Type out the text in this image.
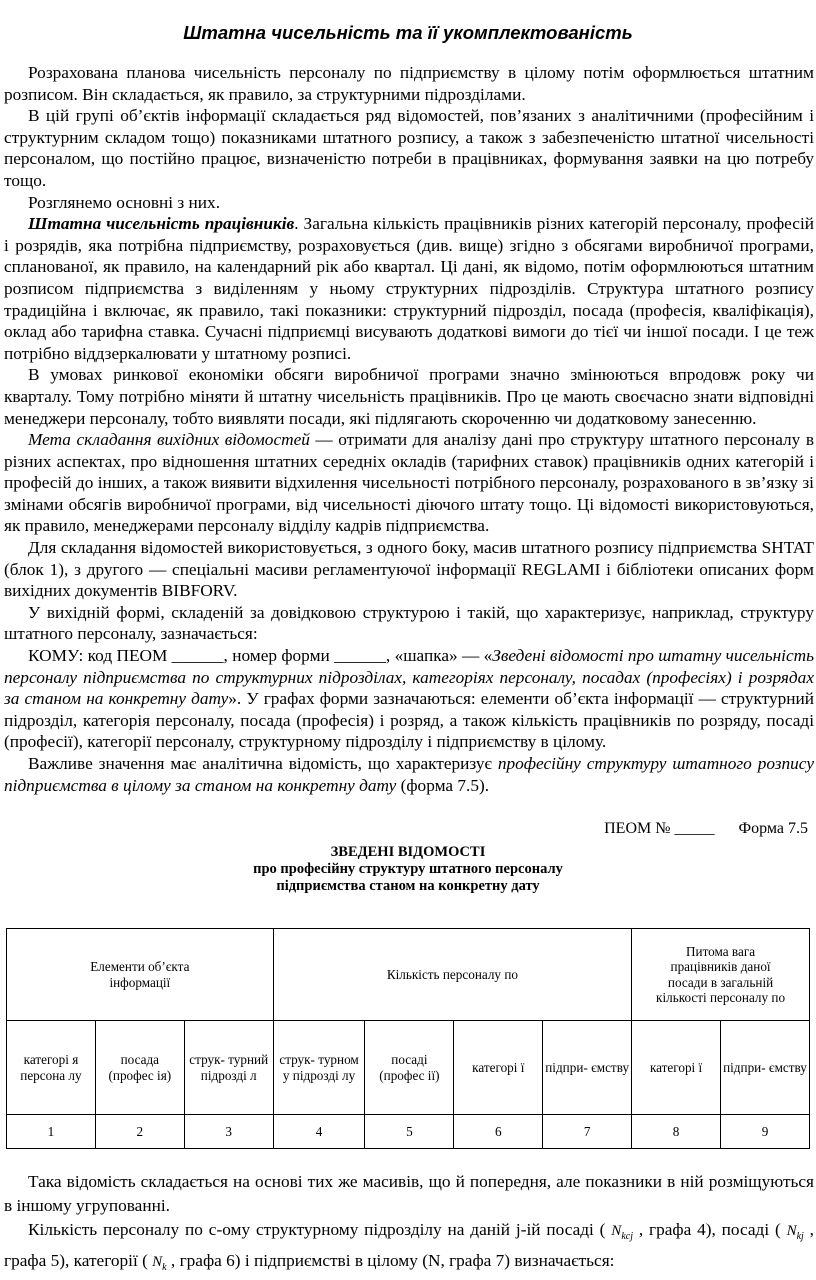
Штатна чисельність та її укомплектованість

Розрахована планова чисельність персоналу по підприємству в цілому потім оформлюється штатним розписом. Він складається, як правило, за структурними підрозділами.

В цій групі об’єктів інформації складається ряд відомостей, пов’язаних з аналітичними (професійним і структурним складом тощо) показниками штатного розпису, а також з забезпеченістю штатної чисельності персоналом, що постійно працює, визначеністю потреби в працівниках, формування заявки на цю потребу тощо.

Розглянемо основні з них.

Штатна чисельність працівників. Загальна кількість працівників різних категорій персоналу, професій і розрядів, яка потрібна підприємству, розраховується (див. вище) згідно з обсягами виробничої програми, спланованої, як правило, на календарний рік або квартал. Ці дані, як відомо, потім оформлюються штатним розписом підприємства з виділенням у ньому структурних підрозділів. Структура штатного розпису традиційна і включає, як правило, такі показники: структурний підрозділ, посада (професія, кваліфікація), оклад або тарифна ставка. Сучасні підприємці висувають додаткові вимоги до тієї чи іншої посади. І це теж потрібно віддзеркалювати у штатному розписі.

В умовах ринкової економіки обсяги виробничої програми значно змінюються впродовж року чи кварталу. Тому потрібно міняти й штатну чисельність працівників. Про це мають своєчасно знати відповідні менеджери персоналу, тобто виявляти посади, які підлягають скороченню чи додатковому занесенню.

Мета складання вихідних відомостей — отримати для аналізу дані про структуру штатного персоналу в різних аспектах, про відношення штатних середніх окладів (тарифних ставок) працівників одних категорій і професій до інших, а також виявити відхилення чисельності потрібного персоналу, розрахованого в зв’язку зі змінами обсягів виробничої програми, від чисельності діючого штату тощо. Ці відомості використовуються, як правило, менеджерами персоналу відділу кадрів підприємства.

Для складання відомостей використовується, з одного боку, масив штатного розпису підприємства SHTAT (блок 1), з другого — спеціальні масиви регламентуючої інформації REGLAMI і бібліотеки описаних форм вихідних документів BIBFORV.

У вихідній формі, складеній за довідковою структурою і такій, що характеризує, наприклад, структуру штатного персоналу, зазначається:

КОМУ: код ПЕОМ ______, номер форми ______, «шапка» — «Зведені відомості про штатну чисельність персоналу підприємства по структурних підрозділах, категоріях персоналу, посадах (професіях) і розрядах за станом на конкретну дату». У графах форми зазначаються: елементи об’єкта інформації — структурний підрозділ, категорія персоналу, посада (професія) і розряд, а також кількість працівників по розряду, посаді (професії), категорії персоналу, структурному підрозділу і підприємству в цілому.

Важливе значення має аналітична відомість, що характеризує професійну структуру штатного розпису підприємства в цілому за станом на конкретну дату (форма 7.5).

ПЕОМ № _____ Форма 7.5
ЗВЕДЕНІ ВІДОМОСТІ
про професійну структуру штатного персоналу
підприємства станом на конкретну дату
Елементи об’єкта інформації			Кількість персоналу по				Питома вага працівників даної посади в загальній кількості персоналу по	
категорі я персона лу	посада (профес ія)	струк- турний підрозді л	струк- турном у підрозді лу	посаді (профес ії)	категорі ї	підпри- ємству	категорі ї	підпри- ємству
1	2	3	4	5	6	7	8	9

Така відомість складається на основі тих же масивів, що й попередня, але показники в ній розміщуються в іншому угрупованні.

Кількість персоналу по c-ому структурному підрозділу на даній j-ій посаді ( $N_{kcj}$ , графа 4), посаді ( $N_{kj}$ , графа 5), категорії ( $N_k$ , графа 6) і підприємстві в цілому (N, графа 7) визначається:
